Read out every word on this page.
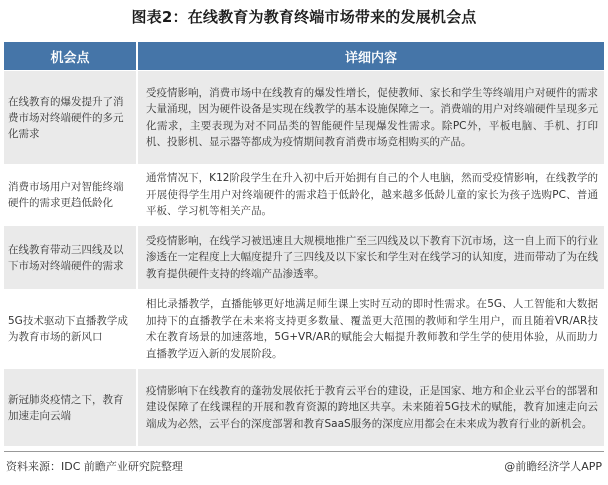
图表2：在线教育为教育终端市场带来的发展机会点
机会点	详细内容
在线教育的爆发提升了消费市场对终端硬件的多元化需求
受疫情影响，消费市场中在线教育的爆发性增长，促使教师、家长和学生等终端用户对硬件的需求大量涌现，因为硬件设备是实现在线教学的基本设施保障之一。消费端的用户对终端硬件呈现多元化需求，主要表现为对不同品类的智能硬件呈现爆发性需求。除PC外，平板电脑、手机、打印机、投影机、显示器等都成为疫情期间教育消费市场竞相购买的产品。
消费市场用户对智能终端硬件的需求更趋低龄化
通常情况下，K12阶段学生在升入初中后开始拥有自己的个人电脑，然而受疫情影响，在线教学的开展使得学生用户对终端硬件的需求趋于低龄化，越来越多低龄儿童的家长为孩子选购PC、普通平板、学习机等相关产品。
在线教育带动三四线及以下市场对终端硬件的需求
受疫情影响，在线学习被迅速且大规模地推广至三四线及以下教育下沉市场，这一自上而下的行业渗透在一定程度上大幅度提升了三四线及以下家长和学生对在线学习的认知度，进而带动了为在线教育提供硬件支持的终端产品渗透率。
5G技术驱动下直播教学成为教育市场的新风口
相比录播教学，直播能够更好地满足师生课上实时互动的即时性需求。在5G、人工智能和大数据加持下的直播教学在未来将支持更多数量、覆盖更大范围的教师和学生用户，而且随着VR/AR技术在教育场景的加速落地，5G+VR/AR的赋能会大幅提升教师教和学生学的使用体验，从而助力直播教学迈入新的发展阶段。
新冠肺炎疫情之下，教育加速走向云端
疫情影响下在线教育的蓬勃发展依托于教育云平台的建设，正是国家、地方和企业云平台的部署和建设保障了在线课程的开展和教育资源的跨地区共享。未来随着5G技术的赋能，教育加速走向云端成为必然，云平台的深度部署和教育SaaS服务的深度应用都会在未来成为教育行业的新机会。
资料来源：IDC 前瞻产业研究院整理	@前瞻经济学人APP
